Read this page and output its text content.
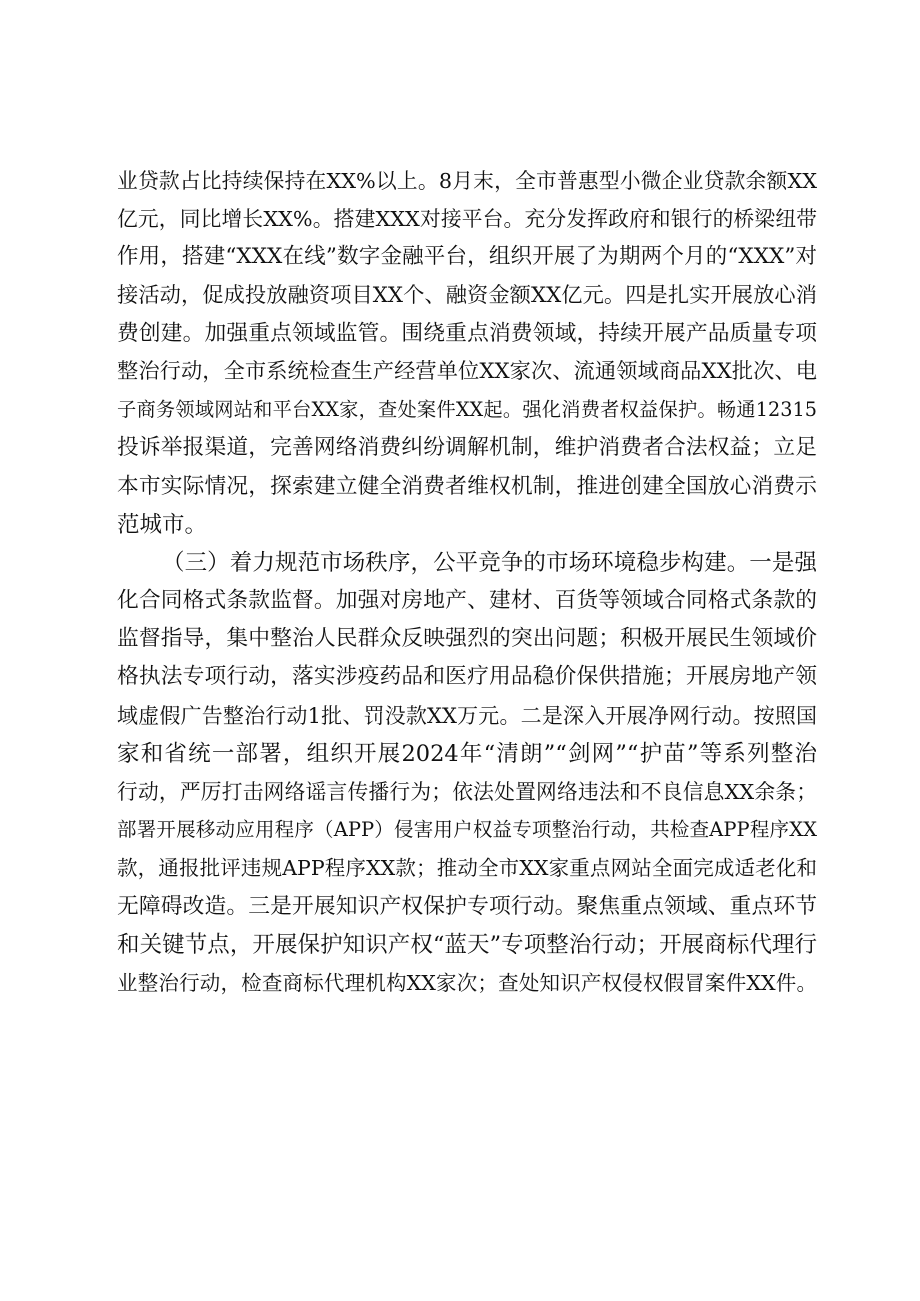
业贷款占比持续保持在XX%以上。8月末，全市普惠型小微企业贷款余额XX
亿元，同比增长XX%。搭建XXX对接平台。充分发挥政府和银行的桥梁纽带
作用，搭建“XXX在线”数字金融平台，组织开展了为期两个月的“XXX”对
接活动，促成投放融资项目XX个、融资金额XX亿元。四是扎实开展放心消
费创建。加强重点领域监管。围绕重点消费领域，持续开展产品质量专项
整治行动，全市系统检查生产经营单位XX家次、流通领域商品XX批次、电
子商务领域网站和平台XX家，查处案件XX起。强化消费者权益保护。畅通12315
投诉举报渠道，完善网络消费纠纷调解机制，维护消费者合法权益；立足
本市实际情况，探索建立健全消费者维权机制，推进创建全国放心消费示
范城市。
（三）着力规范市场秩序，公平竞争的市场环境稳步构建。一是强
化合同格式条款监督。加强对房地产、建材、百货等领域合同格式条款的
监督指导，集中整治人民群众反映强烈的突出问题；积极开展民生领域价
格执法专项行动，落实涉疫药品和医疗用品稳价保供措施；开展房地产领
域虚假广告整治行动1批、罚没款XX万元。二是深入开展净网行动。按照国
家和省统一部署，组织开展2024年“清朗”“剑网”“护苗”等系列整治
行动，严厉打击网络谣言传播行为；依法处置网络违法和不良信息XX余条；
部署开展移动应用程序（APP）侵害用户权益专项整治行动，共检查APP程序XX
款，通报批评违规APP程序XX款；推动全市XX家重点网站全面完成适老化和
无障碍改造。三是开展知识产权保护专项行动。聚焦重点领域、重点环节
和关键节点，开展保护知识产权“蓝天”专项整治行动；开展商标代理行
业整治行动，检查商标代理机构XX家次；查处知识产权侵权假冒案件XX件。
